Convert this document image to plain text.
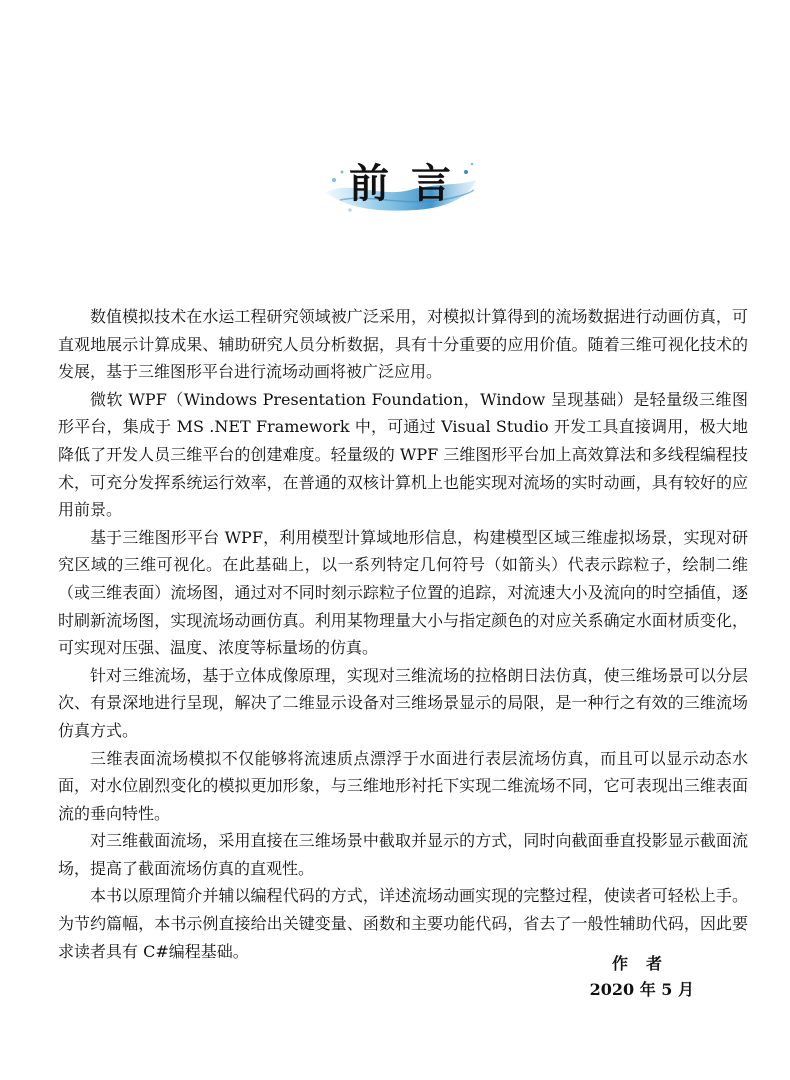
前言

数值模拟技术在水运工程研究领域被广泛采用，对模拟计算得到的流场数据进行动画仿真，可直观地展示计算成果、辅助研究人员分析数据，具有十分重要的应用价值。随着三维可视化技术的发展，基于三维图形平台进行流场动画将被广泛应用。

微软 WPF（Windows Presentation Foundation，Window 呈现基础）是轻量级三维图形平台，集成于 MS .NET Framework 中，可通过 Visual Studio 开发工具直接调用，极大地降低了开发人员三维平台的创建难度。轻量级的 WPF 三维图形平台加上高效算法和多线程编程技术，可充分发挥系统运行效率，在普通的双核计算机上也能实现对流场的实时动画，具有较好的应用前景。

基于三维图形平台 WPF，利用模型计算域地形信息，构建模型区域三维虚拟场景，实现对研究区域的三维可视化。在此基础上，以一系列特定几何符号（如箭头）代表示踪粒子，绘制二维（或三维表面）流场图，通过对不同时刻示踪粒子位置的追踪，对流速大小及流向的时空插值，逐时刷新流场图，实现流场动画仿真。利用某物理量大小与指定颜色的对应关系确定水面材质变化，可实现对压强、温度、浓度等标量场的仿真。

针对三维流场，基于立体成像原理，实现对三维流场的拉格朗日法仿真，使三维场景可以分层次、有景深地进行呈现，解决了二维显示设备对三维场景显示的局限，是一种行之有效的三维流场仿真方式。

三维表面流场模拟不仅能够将流速质点漂浮于水面进行表层流场仿真，而且可以显示动态水面，对水位剧烈变化的模拟更加形象，与三维地形衬托下实现二维流场不同，它可表现出三维表面流的垂向特性。

对三维截面流场，采用直接在三维场景中截取并显示的方式，同时向截面垂直投影显示截面流场，提高了截面流场仿真的直观性。

本书以原理简介并辅以编程代码的方式，详述流场动画实现的完整过程，使读者可轻松上手。为节约篇幅，本书示例直接给出关键变量、函数和主要功能代码，省去了一般性辅助代码，因此要求读者具有 C#编程基础。

作者
2020 年 5 月
